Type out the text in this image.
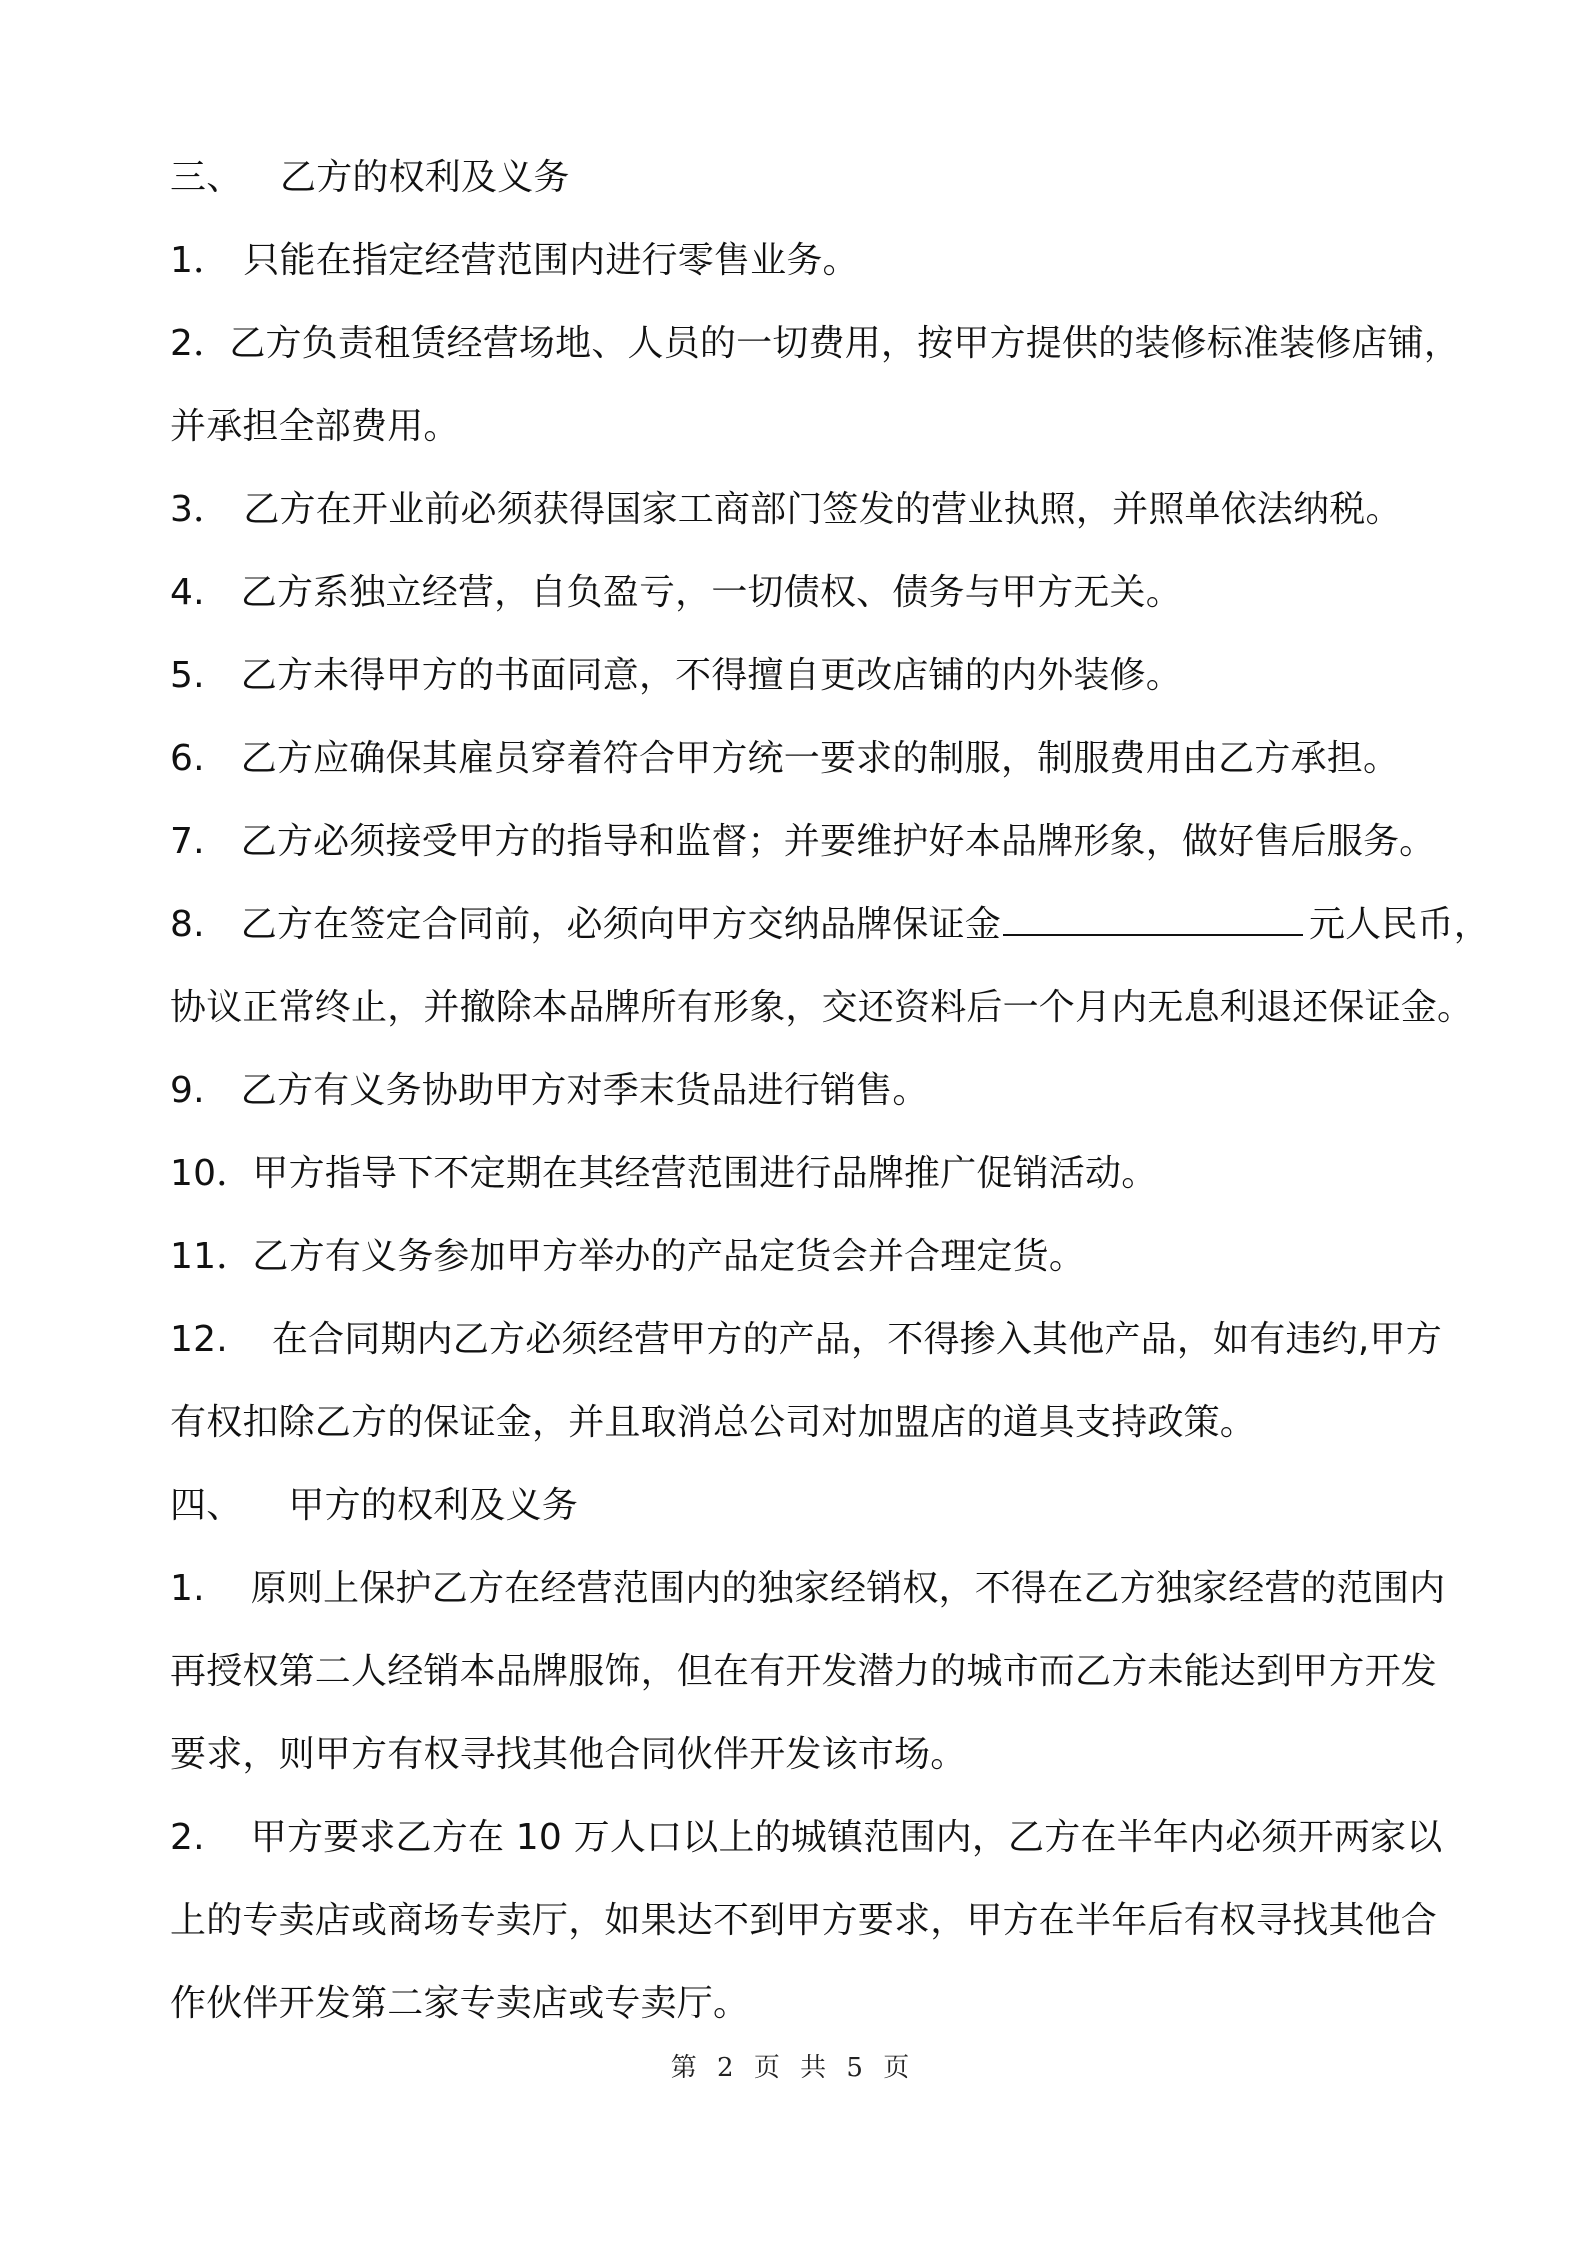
三、 乙方的权利及义务
1． 只能在指定经营范围内进行零售业务。
2．乙方负责租赁经营场地、人员的一切费用，按甲方提供的装修标准装修店铺，
并承担全部费用。
3． 乙方在开业前必须获得国家工商部门签发的营业执照，并照单依法纳税。
4. 乙方系独立经营，自负盈亏，一切债权、债务与甲方无关。
5. 乙方未得甲方的书面同意，不得擅自更改店铺的内外装修。
6. 乙方应确保其雇员穿着符合甲方统一要求的制服，制服费用由乙方承担。
7. 乙方必须接受甲方的指导和监督；并要维护好本品牌形象，做好售后服务。
8. 乙方在签定合同前，必须向甲方交纳品牌保证金	元人民币，
协议正常终止，并撤除本品牌所有形象，交还资料后一个月内无息利退还保证金。
9. 乙方有义务协助甲方对季末货品进行销售。
10．甲方指导下不定期在其经营范围进行品牌推广促销活动。
11．乙方有义务参加甲方举办的产品定货会并合理定货。
12. 在合同期内乙方必须经营甲方的产品，不得掺入其他产品，如有违约,甲方
有权扣除乙方的保证金，并且取消总公司对加盟店的道具支持政策。
四、 甲方的权利及义务
1. 原则上保护乙方在经营范围内的独家经销权，不得在乙方独家经营的范围内
再授权第二人经销本品牌服饰，但在有开发潜力的城市而乙方未能达到甲方开发
要求，则甲方有权寻找其他合同伙伴开发该市场。
2. 甲方要求乙方在 10 万人口以上的城镇范围内，乙方在半年内必须开两家以
上的专卖店或商场专卖厅，如果达不到甲方要求，甲方在半年后有权寻找其他合
作伙伴开发第二家专卖店或专卖厅。
第 2 页 共 5 页
